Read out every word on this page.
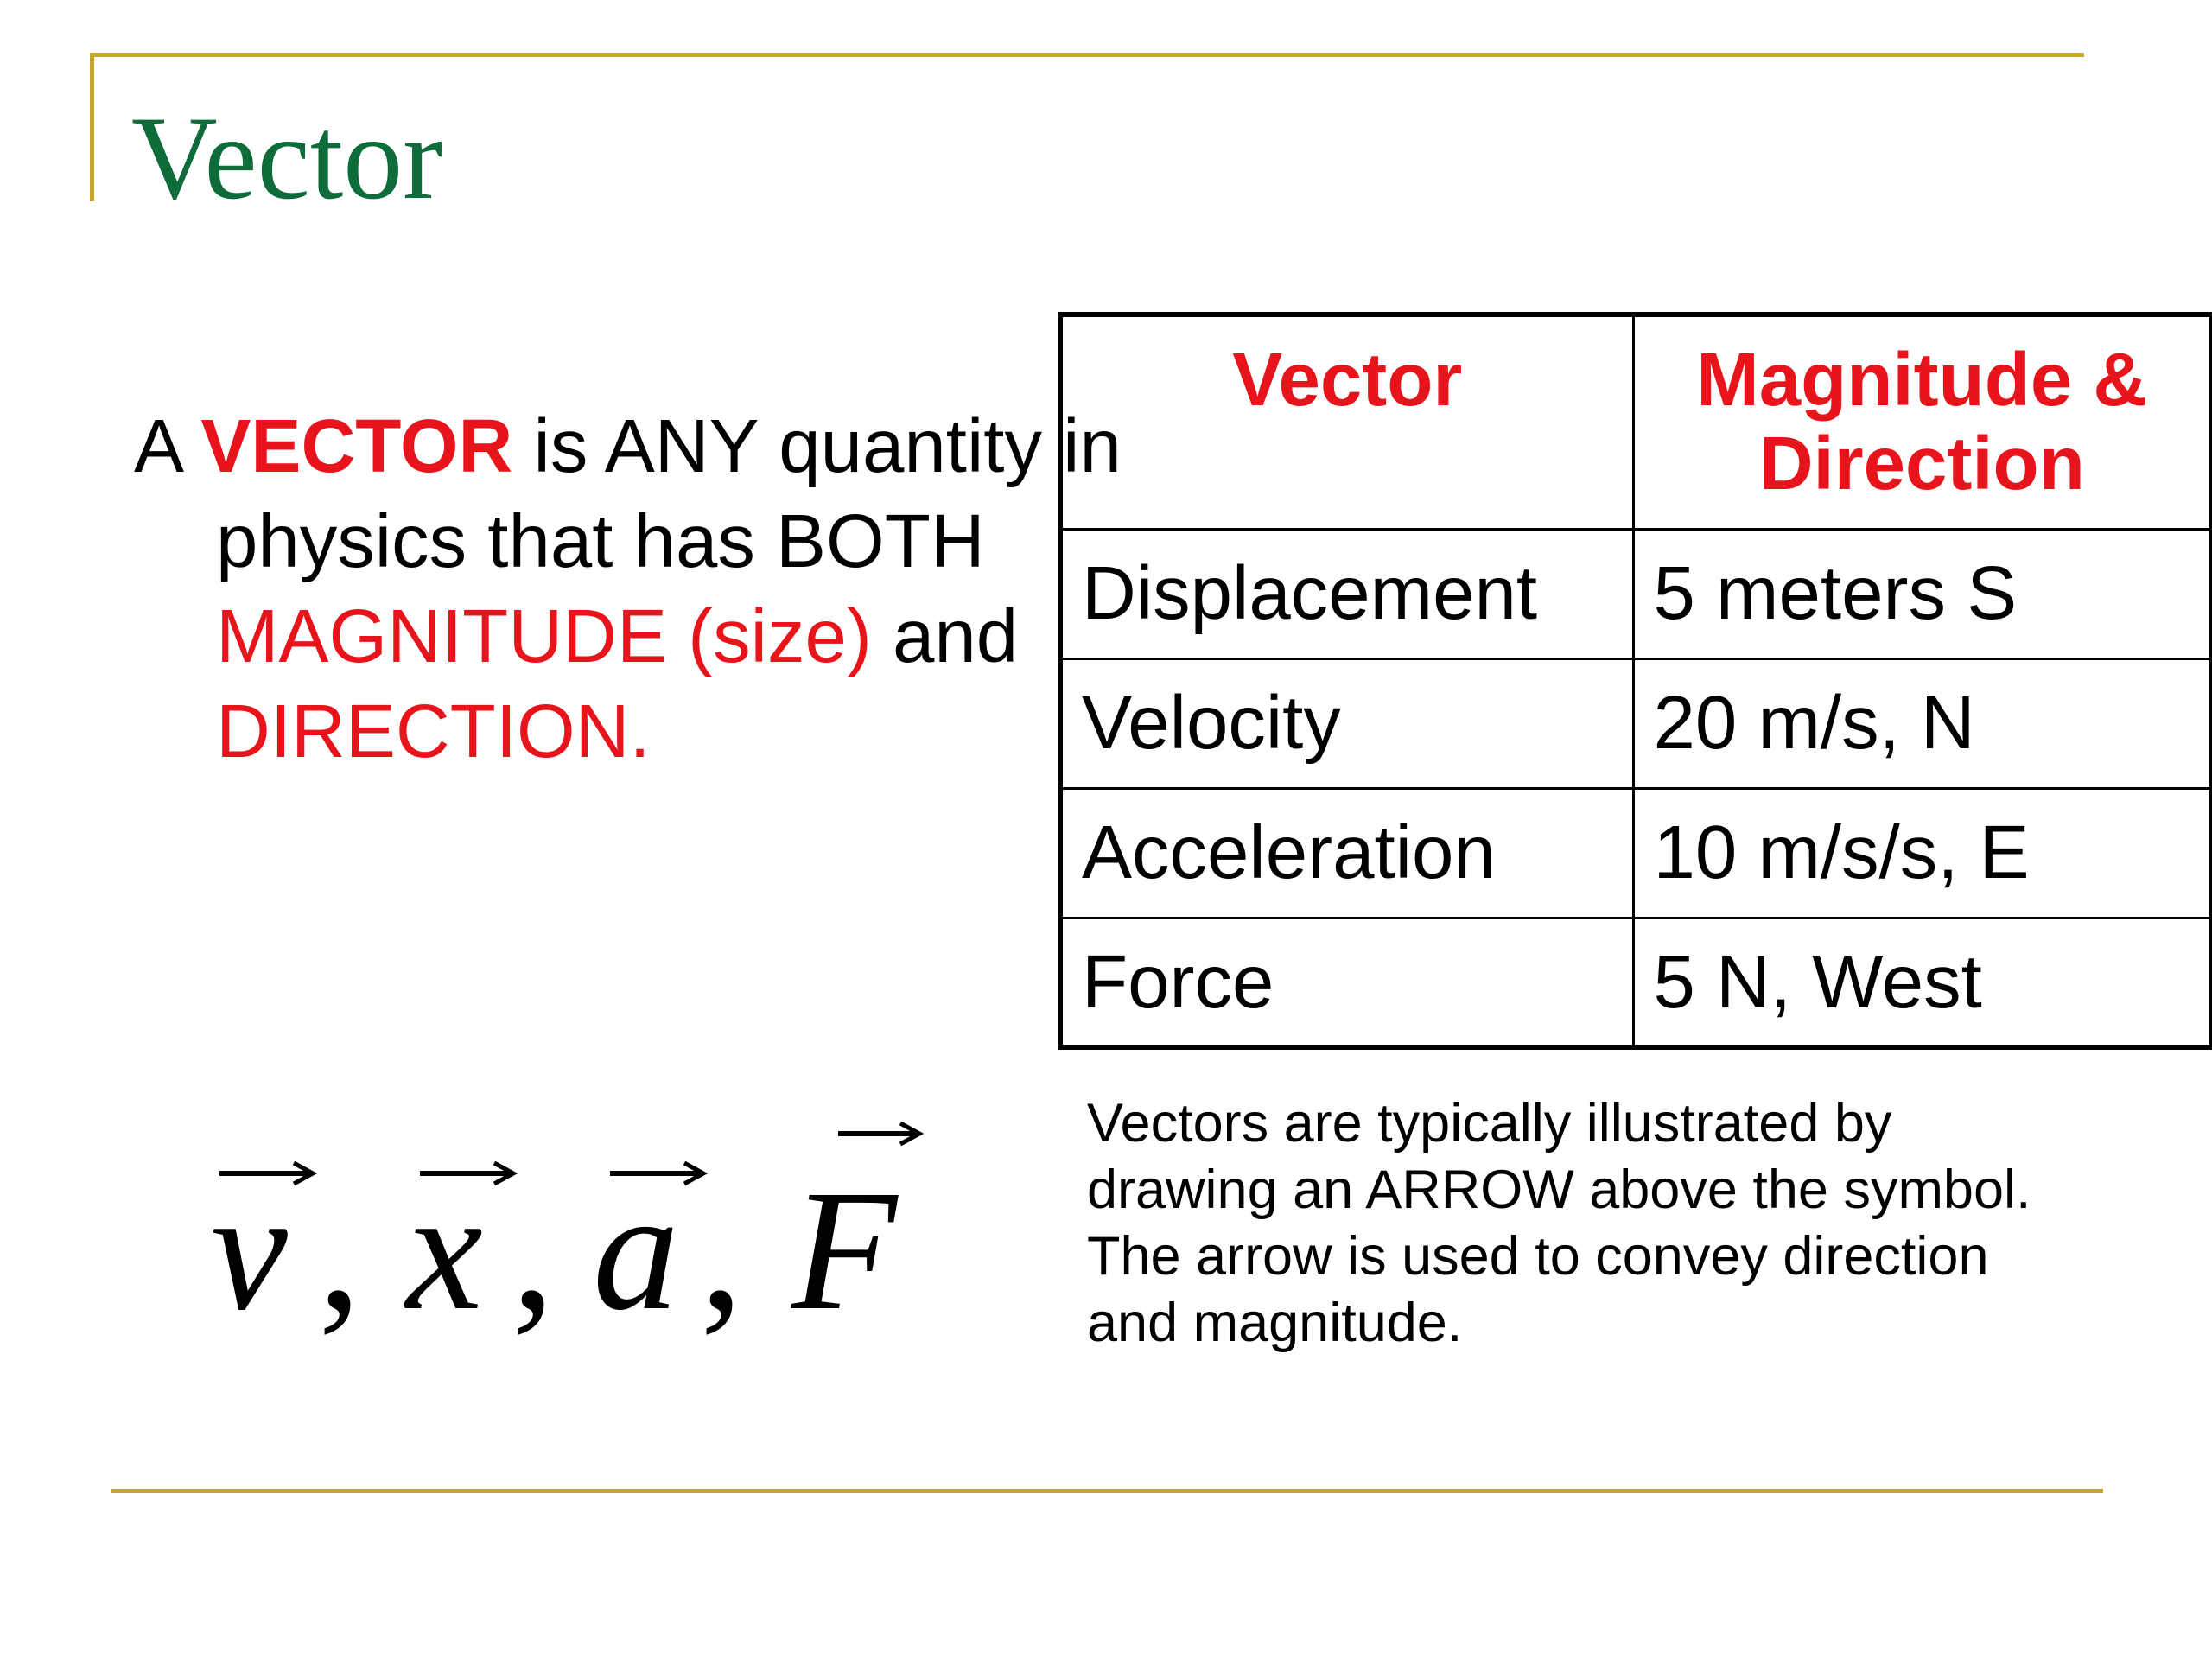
Vector

A VECTOR is ANY quantity in physics that has BOTH MAGNITUDE (size) and DIRECTION.

Vector	Magnitude & Direction
Displacement	5 meters S
Velocity	20 m/s, N
Acceleration	10 m/s/s, E
Force	5 N, West
v , x , a , F

Vectors are typically illustrated by drawing an ARROW above the symbol. The arrow is used to convey direction and magnitude.
